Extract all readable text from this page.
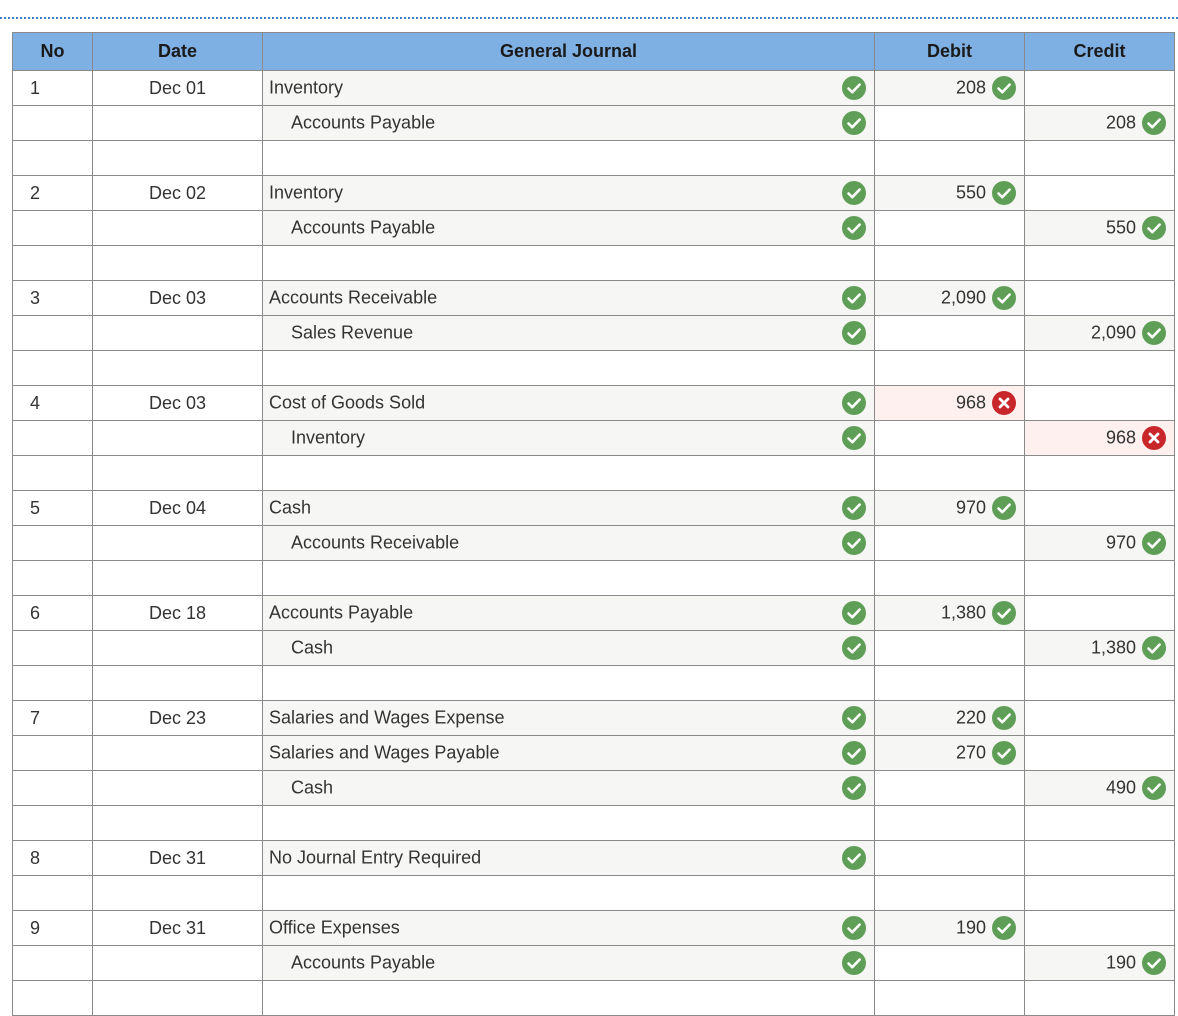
No	Date	General Journal	Debit	Credit
1	Dec 01	Inventory	208	

		Accounts Payable		208

2	Dec 02	Inventory	550	

		Accounts Payable		550

3	Dec 03	Accounts Receivable	2,090	

		Sales Revenue		2,090

4	Dec 03	Cost of Goods Sold	968	

		Inventory		968

5	Dec 04	Cash	970	

		Accounts Receivable		970

6	Dec 18	Accounts Payable	1,380	

		Cash		1,380

7	Dec 23	Salaries and Wages Expense	220	

		Salaries and Wages Payable	270	

		Cash		490

8	Dec 31	No Journal Entry Required		

9	Dec 31	Office Expenses	190	

		Accounts Payable		190
